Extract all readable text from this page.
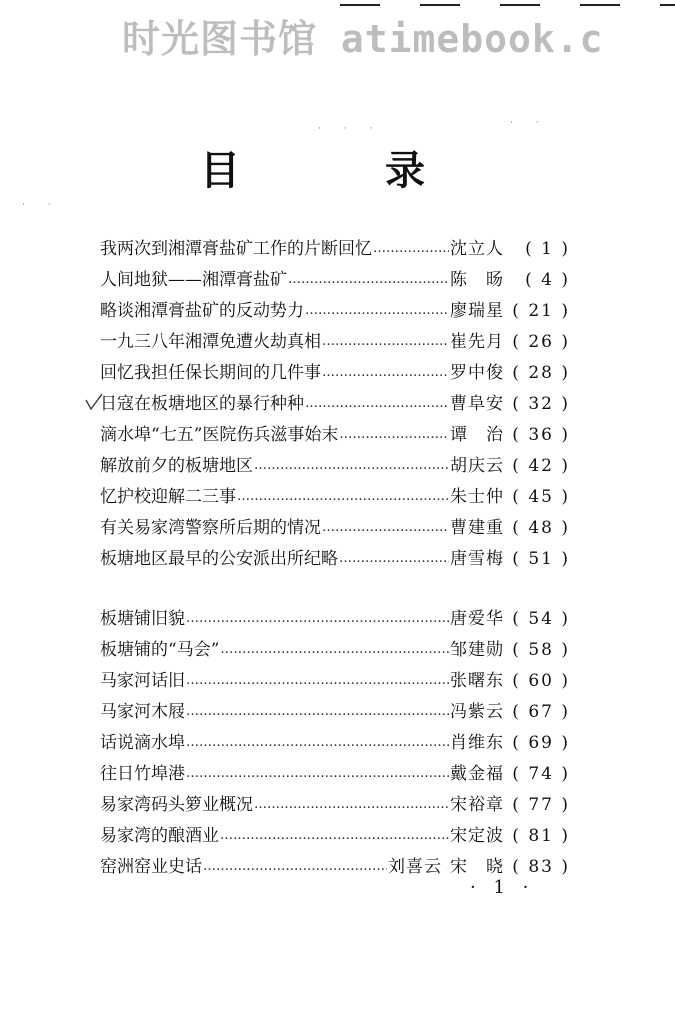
时光图书馆 atimebook.c
· · ·
· ·
· ·
目	录
我两次到湘潭膏盐矿工作的片断回忆 …………………………………………………………………………………………………………………………	沈立人	( 1 )
人间地狱——湘潭膏盐矿 …………………………………………………………………………………………………………………………	陈　旸	( 4 )
略谈湘潭膏盐矿的反动势力 …………………………………………………………………………………………………………………………	廖瑞星 ( 21 )
一九三八年湘潭免遭火劫真相 …………………………………………………………………………………………………………………………	崔先月 ( 26 )
回忆我担任保长期间的几件事 …………………………………………………………………………………………………………………………	罗中俊 ( 28 )
日寇在板塘地区的暴行种种 …………………………………………………………………………………………………………………………	曹阜安 ( 32 )
滴水埠“七五”医院伤兵滋事始末 …………………………………………………………………………………………………………………………	谭　治 ( 36 )
解放前夕的板塘地区 …………………………………………………………………………………………………………………………	胡庆云 ( 42 )
忆护校迎解二三事 …………………………………………………………………………………………………………………………	朱士仲 ( 45 )
有关易家湾警察所后期的情况 …………………………………………………………………………………………………………………………	曹建重 ( 48 )
板塘地区最早的公安派出所纪略 …………………………………………………………………………………………………………………………	唐雪梅 ( 51 )
板塘铺旧貌 …………………………………………………………………………………………………………………………	唐爱华 ( 54 )
板塘铺的“马会” …………………………………………………………………………………………………………………………	邹建勋 ( 58 )
马家河话旧 …………………………………………………………………………………………………………………………	张曙东 ( 60 )
马家河木屐 …………………………………………………………………………………………………………………………	冯紫云 ( 67 )
话说滴水埠 …………………………………………………………………………………………………………………………	肖维东 ( 69 )
往日竹埠港 …………………………………………………………………………………………………………………………	戴金福 ( 74 )
易家湾码头箩业概况 …………………………………………………………………………………………………………………………	宋裕章 ( 77 )
易家湾的酿酒业 …………………………………………………………………………………………………………………………	宋定波 ( 81 )
窑洲窑业史话 …………………………………………………………………………………………………………………………	刘喜云 宋　晓 ( 83 )
· 1 ·
